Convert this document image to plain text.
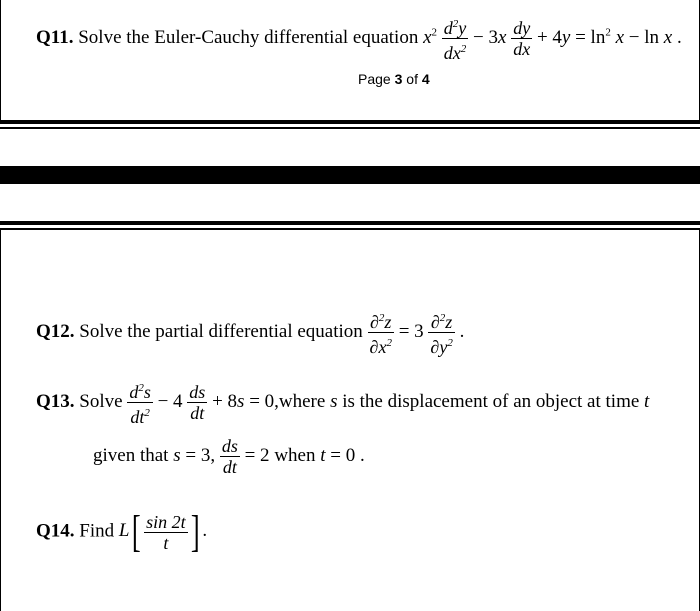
Q11. Solve the Euler-Cauchy differential equation $x^2 \frac{d^2y}{dx^2} - 3x \frac{dy}{dx} + 4y = \ln^2 x - \ln x$ .
Page 3 of 4
Q12. Solve the partial differential equation $\frac{\partial^2z}{\partial x^2} = 3 \frac{\partial^2z}{\partial y^2}$ .
Q13. Solve $\frac{d^2s}{dt^2} - 4 \frac{ds}{dt} + 8s$ = 0,where s is the displacement of an object at time t
given that s = 3, $\frac{ds}{dt} = 2$ when t = 0 .
Q14. Find $L[ \frac{\sin 2t}{t}$ ] .
